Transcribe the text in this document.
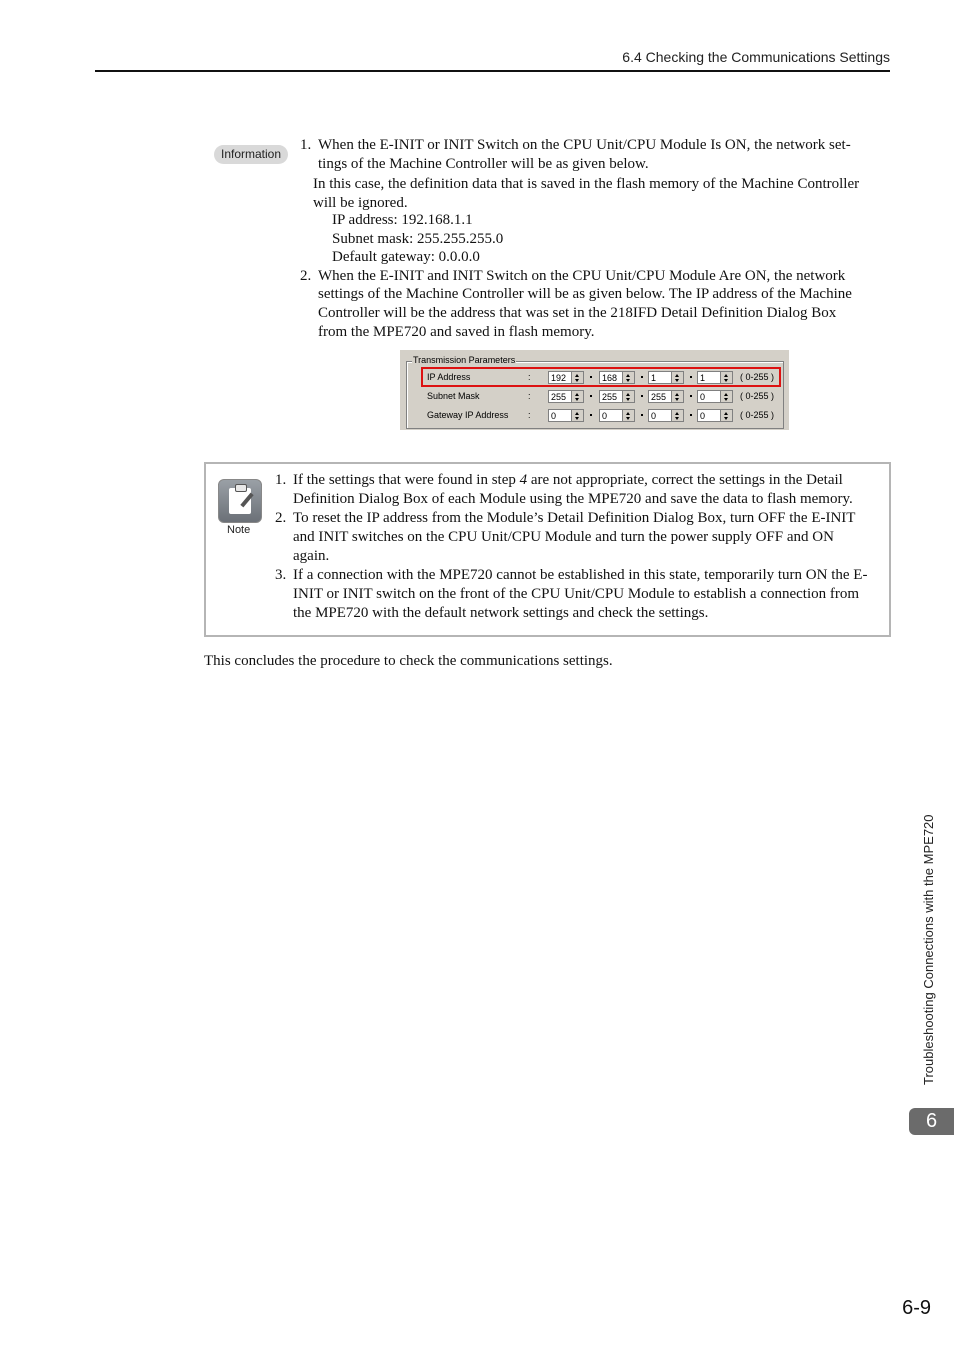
6.4 Checking the Communications Settings
Information
1. When the E-INIT or INIT Switch on the CPU Unit/CPU Module Is ON, the network set-
tings of the Machine Controller will be as given below.
In this case, the definition data that is saved in the flash memory of the Machine Controller
will be ignored.
IP address: 192.168.1.1
Subnet mask: 255.255.255.0
Default gateway: 0.0.0.0
2. When the E-INIT and INIT Switch on the CPU Unit/CPU Module Are ON, the network
settings of the Machine Controller will be as given below. The IP address of the Machine
Controller will be the address that was set in the 218IFD Detail Definition Dialog Box
from the MPE720 and saved in flash memory.
Transmission Parameters
IP Address	: 192	168	1	1	( 0-255 )
Subnet Mask	: 255	255	255	0	( 0-255 )
Gateway IP Address : 0	0	0	0	( 0-255 )
Note
1. If the settings that were found in step 4 are not appropriate, correct the settings in the Detail
Definition Dialog Box of each Module using the MPE720 and save the data to flash memory.
2. To reset the IP address from the Module’s Detail Definition Dialog Box, turn OFF the E-INIT
and INIT switches on the CPU Unit/CPU Module and turn the power supply OFF and ON
again.
3. If a connection with the MPE720 cannot be established in this state, temporarily turn ON the E-
INIT or INIT switch on the front of the CPU Unit/CPU Module to establish a connection from
the MPE720 with the default network settings and check the settings.
This concludes the procedure to check the communications settings.
Troubleshooting Connections with the MPE720
6
6-9
